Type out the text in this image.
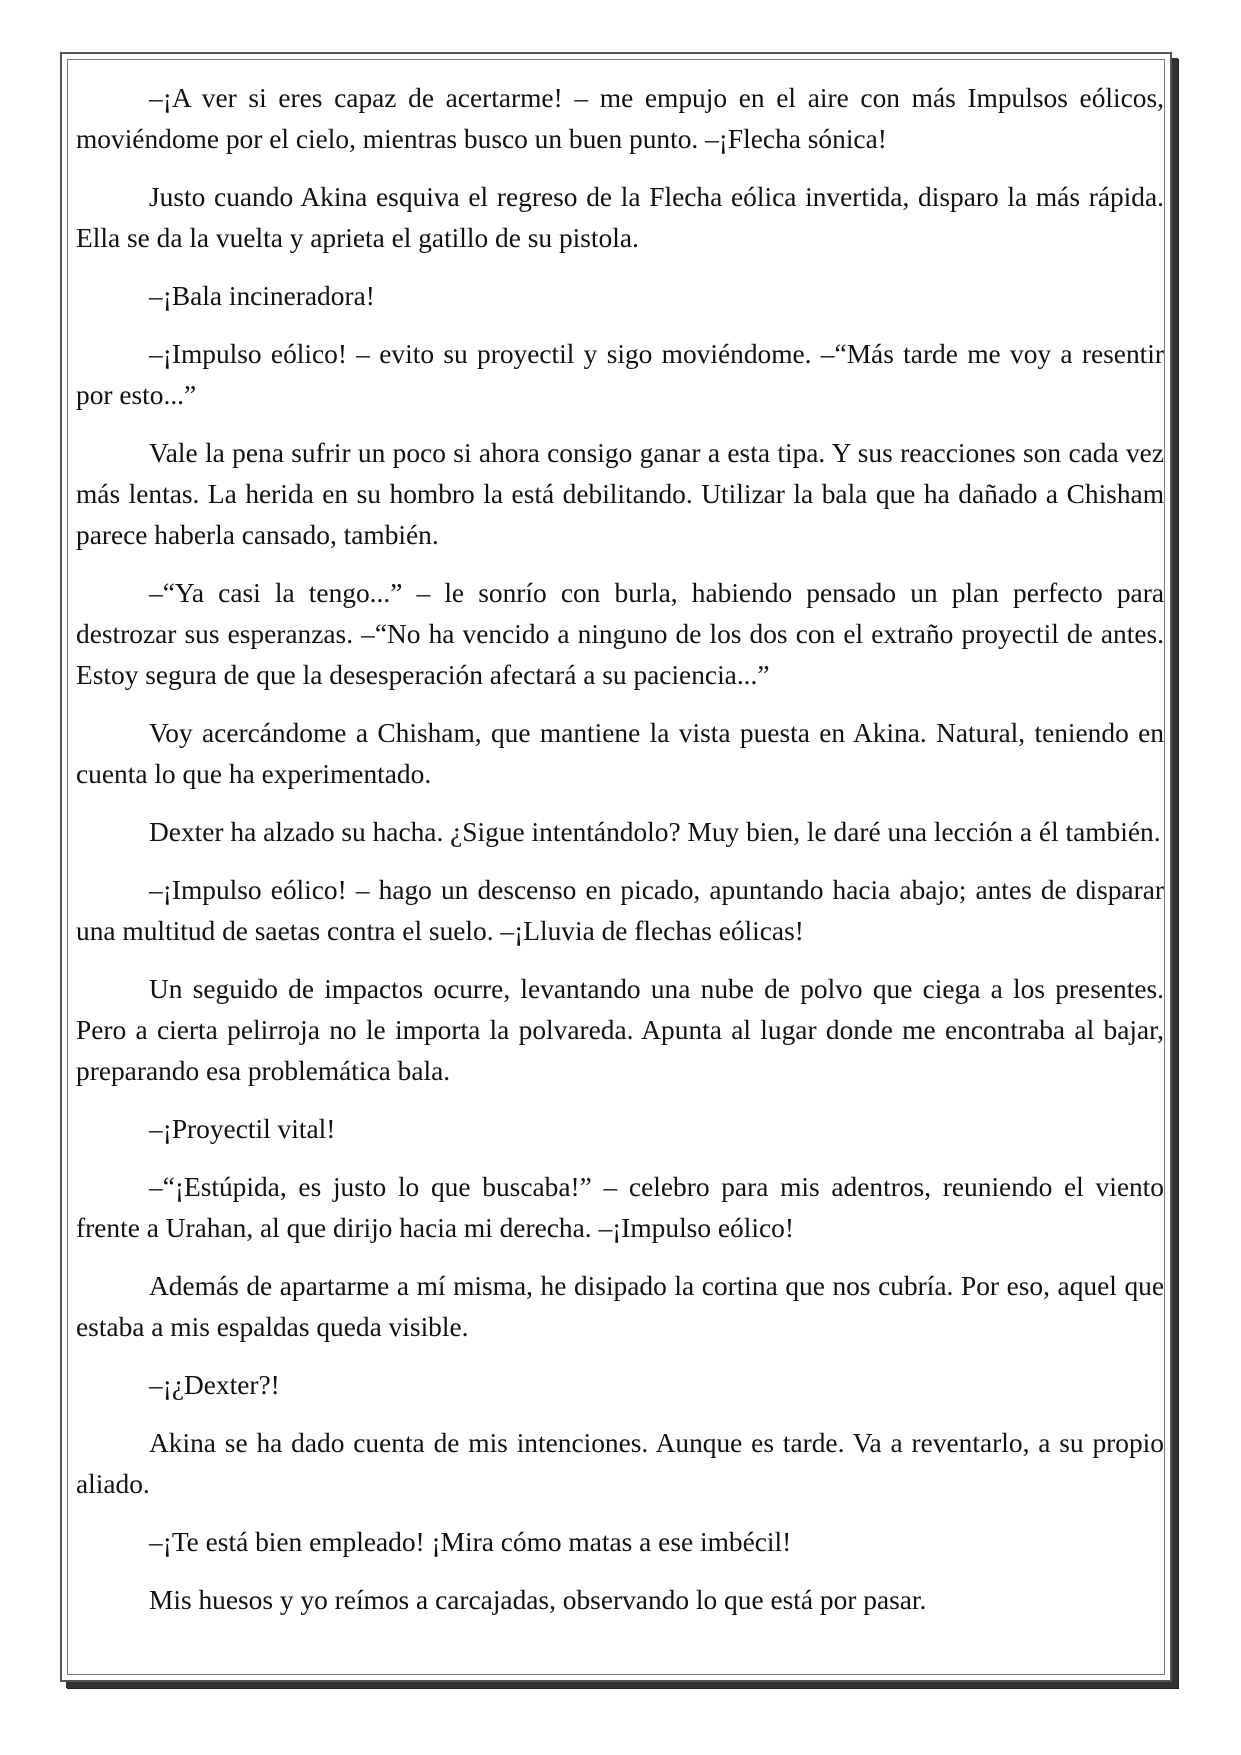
–¡A ver si eres capaz de acertarme! – me empujo en el aire con más Impulsos eólicos, moviéndome por el cielo, mientras busco un buen punto. –¡Flecha sónica!

Justo cuando Akina esquiva el regreso de la Flecha eólica invertida, disparo la más rápida. Ella se da la vuelta y aprieta el gatillo de su pistola.

–¡Bala incineradora!

–¡Impulso eólico! – evito su proyectil y sigo moviéndome. –“Más tarde me voy a resentir por esto...”

Vale la pena sufrir un poco si ahora consigo ganar a esta tipa. Y sus reacciones son cada vez más lentas. La herida en su hombro la está debilitando. Utilizar la bala que ha dañado a Chisham parece haberla cansado, también.

–“Ya casi la tengo...” – le sonrío con burla, habiendo pensado un plan perfecto para destrozar sus esperanzas. –“No ha vencido a ninguno de los dos con el extraño proyectil de antes. Estoy segura de que la desesperación afectará a su paciencia...”

Voy acercándome a Chisham, que mantiene la vista puesta en Akina. Natural, teniendo en cuenta lo que ha experimentado.

Dexter ha alzado su hacha. ¿Sigue intentándolo? Muy bien, le daré una lección a él también.

–¡Impulso eólico! – hago un descenso en picado, apuntando hacia abajo; antes de disparar una multitud de saetas contra el suelo. –¡Lluvia de flechas eólicas!

Un seguido de impactos ocurre, levantando una nube de polvo que ciega a los presentes. Pero a cierta pelirroja no le importa la polvareda. Apunta al lugar donde me encontraba al bajar, preparando esa problemática bala.

–¡Proyectil vital!

–“¡Estúpida, es justo lo que buscaba!” – celebro para mis adentros, reuniendo el viento frente a Urahan, al que dirijo hacia mi derecha. –¡Impulso eólico!

Además de apartarme a mí misma, he disipado la cortina que nos cubría. Por eso, aquel que estaba a mis espaldas queda visible.

–¡¿Dexter?!

Akina se ha dado cuenta de mis intenciones. Aunque es tarde. Va a reventarlo, a su propio aliado.

–¡Te está bien empleado! ¡Mira cómo matas a ese imbécil!

Mis huesos y yo reímos a carcajadas, observando lo que está por pasar.
